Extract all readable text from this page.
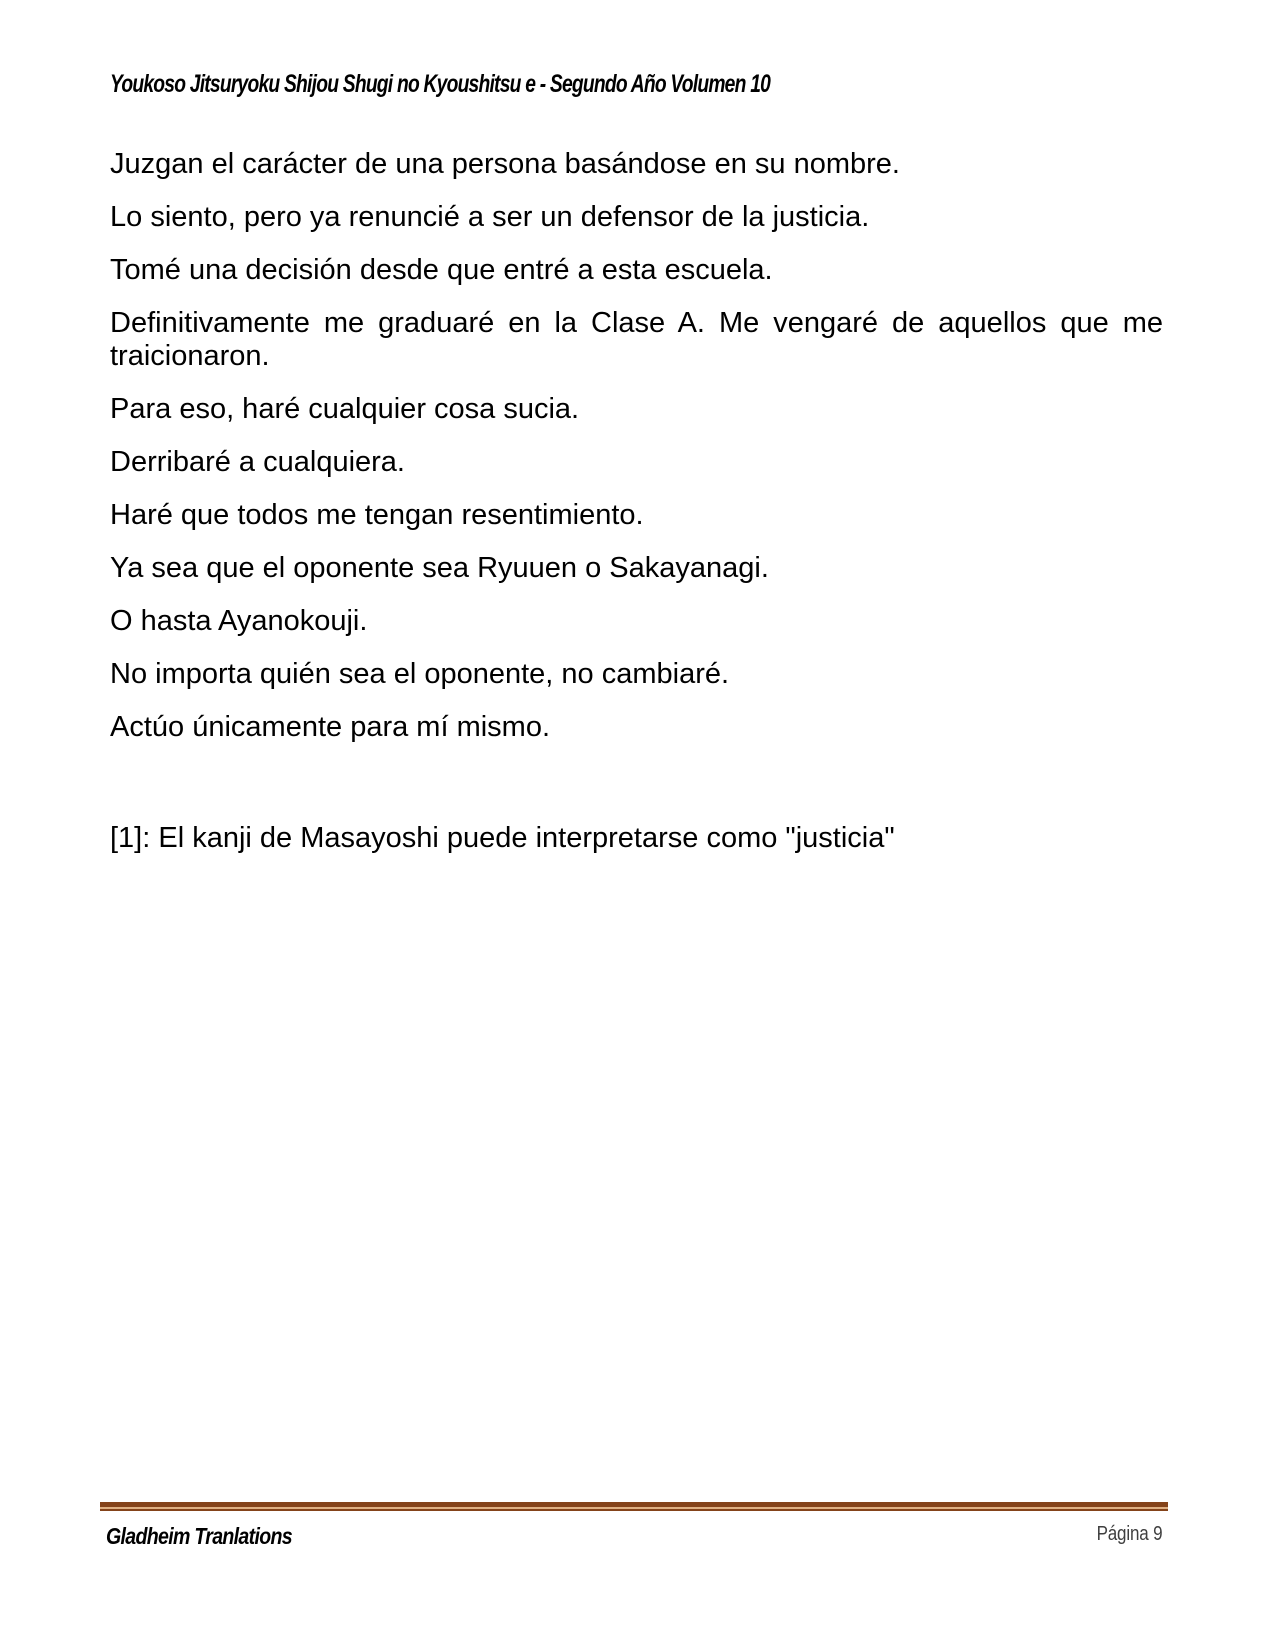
Youkoso Jitsuryoku Shijou Shugi no Kyoushitsu e - Segundo Año Volumen 10

Juzgan el carácter de una persona basándose en su nombre.

Lo siento, pero ya renuncié a ser un defensor de la justicia.

Tomé una decisión desde que entré a esta escuela.

Definitivamente me graduaré en la Clase A. Me vengaré de aquellos que me traicionaron.

Para eso, haré cualquier cosa sucia.

Derribaré a cualquiera.

Haré que todos me tengan resentimiento.

Ya sea que el oponente sea Ryuuen o Sakayanagi.

O hasta Ayanokouji.

No importa quién sea el oponente, no cambiaré.

Actúo únicamente para mí mismo.

[1]: El kanji de Masayoshi puede interpretarse como "justicia"

Gladheim Tranlations	Página 9
